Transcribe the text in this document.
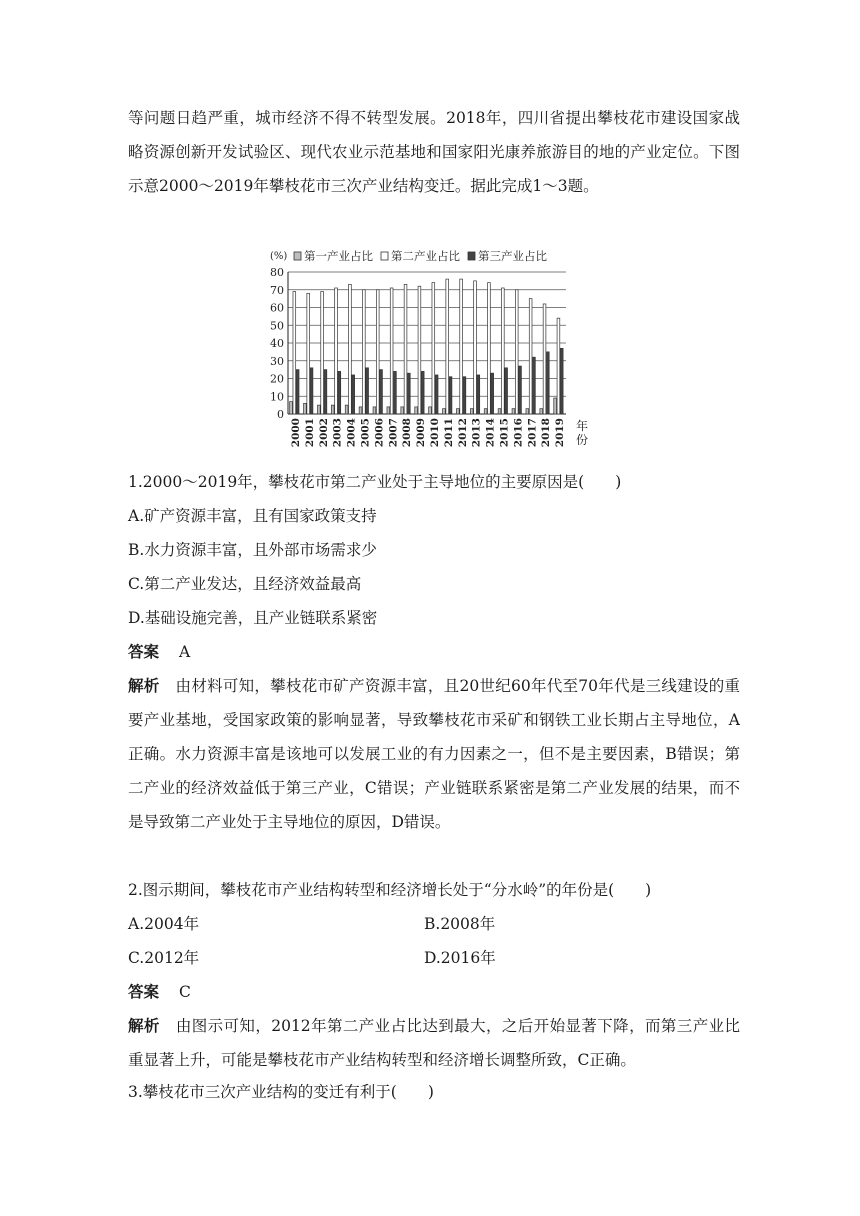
等问题日趋严重，城市经济不得不转型发展。2018年，四川省提出攀枝花市建设国家战略资源创新开发试验区、现代农业示范基地和国家阳光康养旅游目的地的产业定位。下图示意2000～2019年攀枝花市三次产业结构变迁。据此完成1～3题。

0
10
20
30
40
50
60
70
80
(%) 第一产业占比 第二产业占比 第三产业占比
2000 2001 2002 2003 2004 2005 2006 2007 2008 2009 2010 2011 2012 2013 2014 2015 2016 2017 2018 2019 年
份

1.2000～2019年，攀枝花市第二产业处于主导地位的主要原因是(　　)

A.矿产资源丰富，且有国家政策支持

B.水力资源丰富，且外部市场需求少

C.第二产业发达，且经济效益最高

D.基础设施完善，且产业链联系紧密

答案 A

解析 由材料可知，攀枝花市矿产资源丰富，且20世纪60年代至70年代是三线建设的重要产业基地，受国家政策的影响显著，导致攀枝花市采矿和钢铁工业长期占主导地位，A正确。水力资源丰富是该地可以发展工业的有力因素之一，但不是主要因素，B错误；第二产业的经济效益低于第三产业，C错误；产业链联系紧密是第二产业发展的结果，而不是导致第二产业处于主导地位的原因，D错误。

2.图示期间，攀枝花市产业结构转型和经济增长处于“分水岭”的年份是(　　)

A.2004年	B.2008年

C.2012年	D.2016年

答案 C

解析 由图示可知，2012年第二产业占比达到最大，之后开始显著下降，而第三产业比重显著上升，可能是攀枝花市产业结构转型和经济增长调整所致，C正确。

3.攀枝花市三次产业结构的变迁有利于(　　)
